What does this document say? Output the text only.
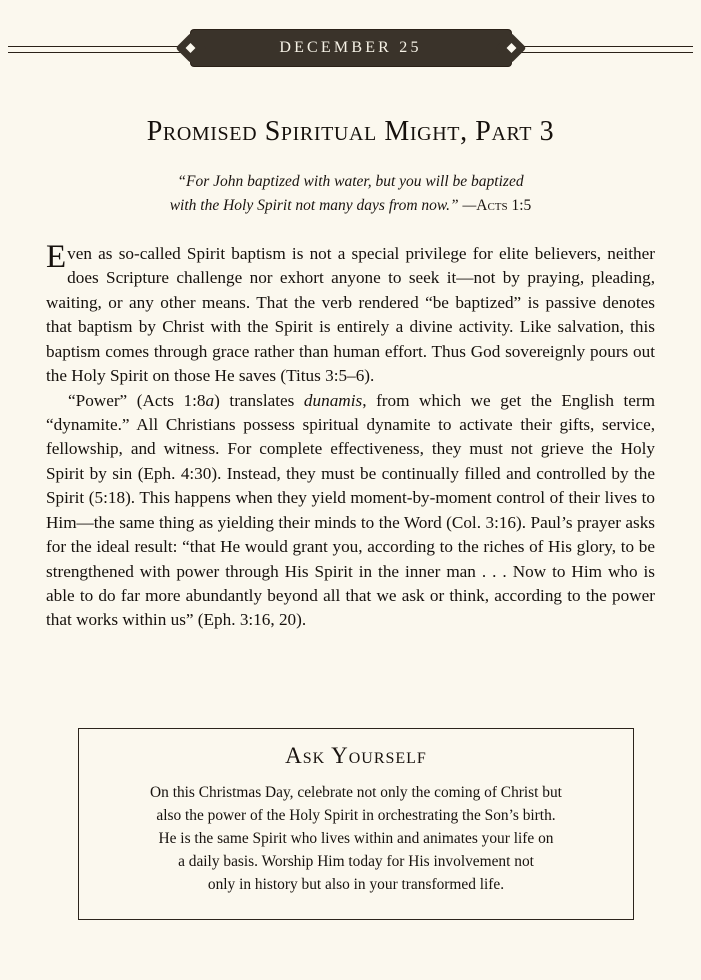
DECEMBER 25
Promised Spiritual Might, Part 3
“For John baptized with water, but you will be baptized
with the Holy Spirit not many days from now.” —Acts 1:5

Even as so-called Spirit baptism is not a special privilege for elite believers, neither does Scripture challenge nor exhort anyone to seek it—not by praying, pleading, waiting, or any other means. That the verb rendered “be baptized” is passive denotes that baptism by Christ with the Spirit is entirely a divine activity. Like salvation, this baptism comes through grace rather than human effort. Thus God sovereignly pours out the Holy Spirit on those He saves (Titus 3:5–6).

“Power” (Acts 1:8a) translates dunamis, from which we get the English term “dynamite.” All Christians possess spiritual dynamite to activate their gifts, service, fellowship, and witness. For complete effectiveness, they must not grieve the Holy Spirit by sin (Eph. 4:30). Instead, they must be continually filled and controlled by the Spirit (5:18). This happens when they yield moment-by-moment control of their lives to Him—the same thing as yielding their minds to the Word (Col. 3:16). Paul’s prayer asks for the ideal result: “that He would grant you, according to the riches of His glory, to be strengthened with power through His Spirit in the inner man . . . Now to Him who is able to do far more abundantly beyond all that we ask or think, according to the power that works within us” (Eph. 3:16, 20).

Ask Yourself
On this Christmas Day, celebrate not only the coming of Christ but
also the power of the Holy Spirit in orchestrating the Son’s birth.
He is the same Spirit who lives within and animates your life on
a daily basis. Worship Him today for His involvement not
only in history but also in your transformed life.
